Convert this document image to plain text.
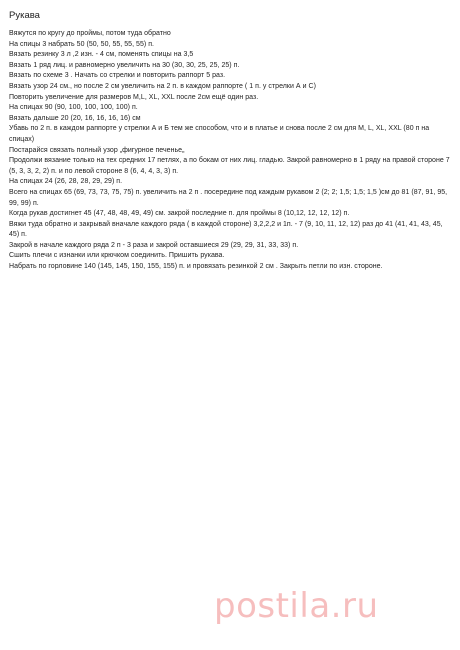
Рукава

Вяжутся по кругу до проймы, потом туда обратно

На спицы 3 набрать 50 (50, 50, 55, 55, 55) п.

Вязать резинку 3 л ,2 изн. - 4 см, поменять спицы на 3,5

Вязать 1 ряд лиц. и равномерно увеличить на 30 (30, 30, 25, 25, 25) п.

Вязать по схеме 3 . Начать со стрелки и повторить раппорт 5 раз.

Вязать узор 24 см., но после 2 см увеличить на 2 п. в каждом раппорте ( 1 п. у стрелки А и С)

Повторить увеличение для размеров M,L, XL, XXL после 2см ещё один раз.

На спицах 90 (90, 100, 100, 100, 100) п.

Вязать дальше 20 (20, 16, 16, 16, 16) см

Убавь по 2 п. в каждом раппорте у стрелки А и Б тем же способом, что и в платье и снова после 2 см для M, L, XL, XXL (80 п на спицах)

Постарайся связать полный узор „фигурное печенье„

Продолжи вязание только на тех средних 17 петлях, а по бокам от них лиц. гладью. Закрой равномерно в 1 ряду на правой стороне 7 (5, 3, 3, 2, 2) п. и по левой стороне 8 (6, 4, 4, 3, 3) п.

На спицах 24 (26, 28, 28, 29, 29) п.

Всего на спицах 65 (69, 73, 73, 75, 75) п. увеличить на 2 п . посередине под каждым рукавом 2 (2; 2; 1,5; 1,5; 1,5 )см до 81 (87, 91, 95, 99, 99) п.

Когда рукав достигнет 45 (47, 48, 48, 49, 49) см. закрой последние п. для проймы 8 (10,12, 12, 12, 12) п.

Вяжи туда обратно и закрывай вначале каждого ряда ( в каждой стороне) 3,2,2,2 и 1п. - 7 (9, 10, 11, 12, 12) раз до 41 (41, 41, 43, 45, 45) п.

Закрой в начале каждого ряда 2 п - 3 раза и закрой оставшиеся 29 (29, 29, 31, 33, 33) п.

Сшить плечи с изнанки или крючком соединить. Пришить рукава.

Набрать по горловине 140 (145, 145, 150, 155, 155) п. и провязать резинкой 2 см . Закрыть петли по изн. стороне.

postila.ru
